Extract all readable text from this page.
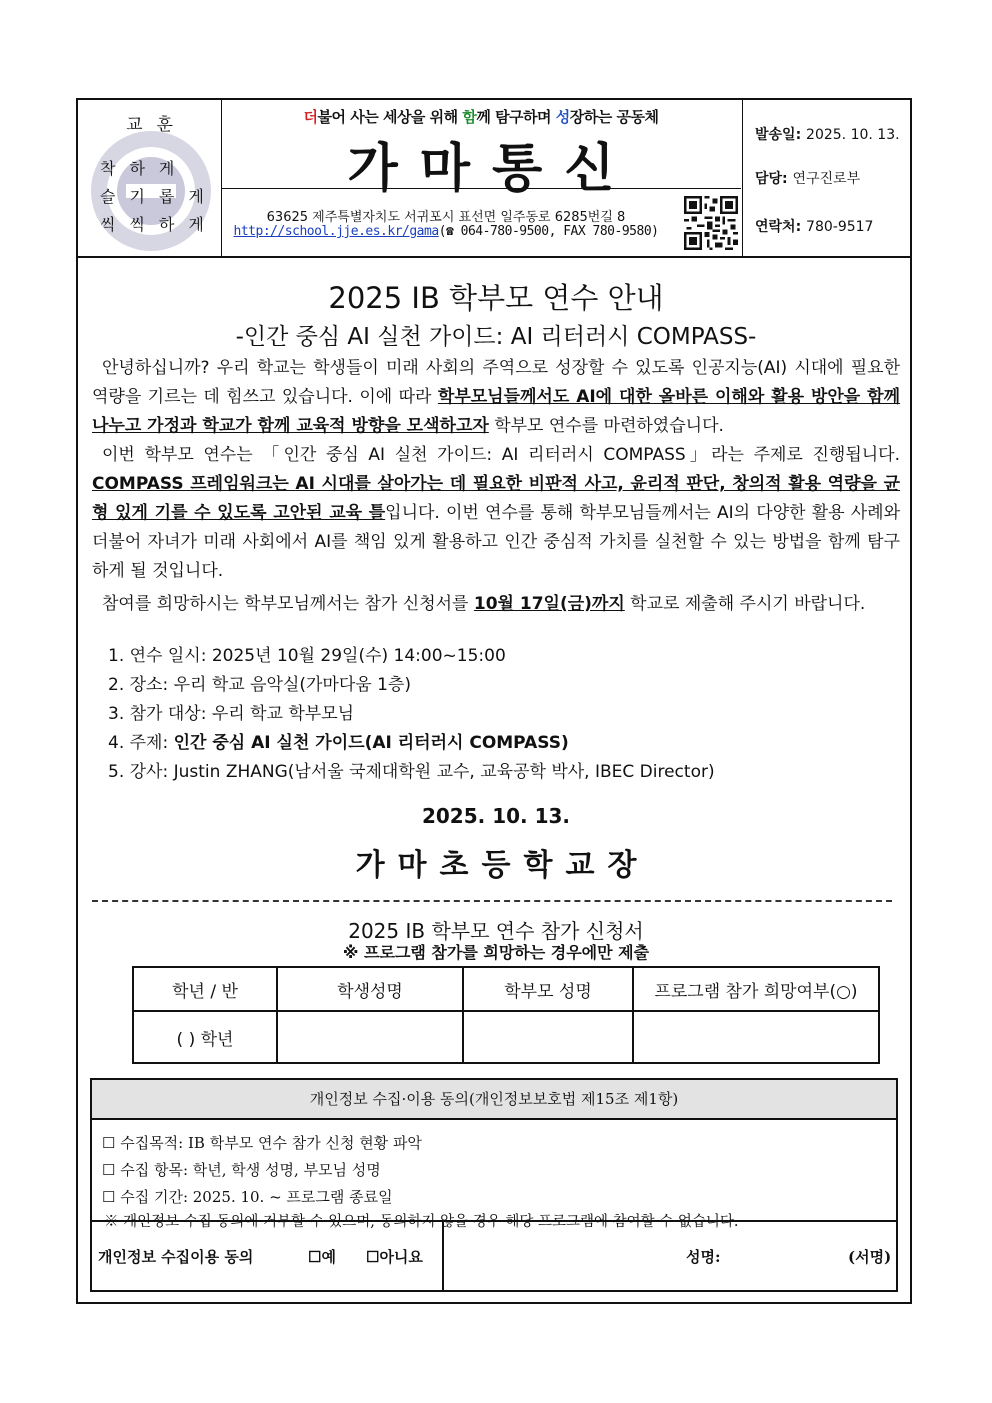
교훈
착하게
슬기롭게
씩씩하게
더불어 사는 세상을 위해 함께 탐구하며 성장하는 공동체
가마통신
63625 제주특별자치도 서귀포시 표선면 일주동로 6285번길 8
http://school.jje.es.kr/gama(☎ 064-780-9500, FAX 780-9580)
발송일: 2025. 10. 13.
담당: 연구진로부
연락처: 780-9517
2025 IB 학부모 연수 안내
-인간 중심 AI 실천 가이드: AI 리터러시 COMPASS-
안녕하십니까? 우리 학교는 학생들이 미래 사회의 주역으로 성장할 수 있도록 인공지능(AI) 시대에 필요한 역량을 기르는 데 힘쓰고 있습니다. 이에 따라 학부모님들께서도 AI에 대한 올바른 이해와 활용 방안을 함께 나누고 가정과 학교가 함께 교육적 방향을 모색하고자 학부모 연수를 마련하였습니다.
이번 학부모 연수는 「인간 중심 AI 실천 가이드: AI 리터러시 COMPASS」라는 주제로 진행됩니다. COMPASS 프레임워크는 AI 시대를 살아가는 데 필요한 비판적 사고, 윤리적 판단, 창의적 활용 역량을 균형 있게 기를 수 있도록 고안된 교육 틀입니다. 이번 연수를 통해 학부모님들께서는 AI의 다양한 활용 사례와 더불어 자녀가 미래 사회에서 AI를 책임 있게 활용하고 인간 중심적 가치를 실천할 수 있는 방법을 함께 탐구하게 될 것입니다.
참여를 희망하시는 학부모님께서는 참가 신청서를 10월 17일(금)까지 학교로 제출해 주시기 바랍니다.
1. 연수 일시: 2025년 10월 29일(수) 14:00~15:00
2. 장소: 우리 학교 음악실(가마다움 1층)
3. 참가 대상: 우리 학교 학부모님
4. 주제: 인간 중심 AI 실천 가이드(AI 리터러시 COMPASS)
5. 강사: Justin ZHANG(남서울 국제대학원 교수, 교육공학 박사, IBEC Director)
2025. 10. 13.
가마초등학교장
2025 IB 학부모 연수 참가 신청서
※ 프로그램 참가를 희망하는 경우에만 제출
학년 / 반	학생성명	학부모 성명	프로그램 참가 희망여부(○)
( ) 학년			
개인정보 수집·이용 동의(개인정보보호법 제15조 제1항)
☐ 수집목적: IB 학부모 연수 참가 신청 현황 파악
☐ 수집 항목: 학년, 학생 성명, 부모님 성명
☐ 수집 기간: 2025. 10. ~ 프로그램 종료일
개인정보 수집이용 동의	☐예 ☐아니요	성명:	(서명)
※ 개인정보 수집 동의에 거부할 수 있으며, 동의하지 않을 경우 해당 프로그램에 참여할 수 없습니다.
